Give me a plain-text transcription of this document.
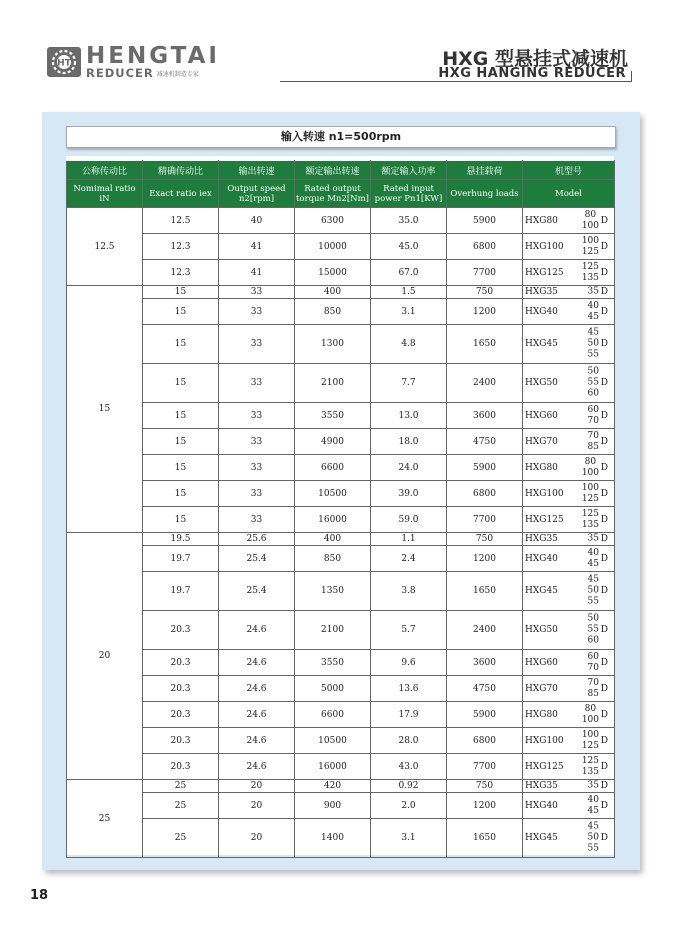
HT HENGTAI
REDUCER 减速机制造专家
HXG 型悬挂式减速机
HXG HANGING REDUCER
输入转速 n1=500rpm
公称传动比	精确传动比	输出转速	额定输出转速	额定输入功率	悬挂载荷	机型号
Nomimal ratio iN	Exact ratio iex	Output speed n2[rpm]	Rated output torque Mn2[Nm]	Rated input power Pn1[KW]	Overhung loads	Model
12.5	12.5	40	6300	35.0	5900	HXG80
80
100 D

	12.3	41	10000	45.0	6800	HXG100
100
125 D

	12.3	41	15000	67.0	7700	HXG125
125
135 D

15	15	33	400	1.5	750	HXG35 35 D

	15	33	850	3.1	1200	HXG40
40
45 D

	15	33	1300	4.8	1650	HXG45
45
50
55
D

	15	33	2100	7.7	2400	HXG50
50
55
60
D

	15	33	3550	13.0	3600	HXG60
60
70 D

	15	33	4900	18.0	4750	HXG70
70
85 D

	15	33	6600	24.0	5900	HXG80
80
100 D

	15	33	10500	39.0	6800	HXG100
100
125 D

	15	33	16000	59.0	7700	HXG125
125
135 D

20	19.5	25.6	400	1.1	750	HXG35 35 D

	19.7	25.4	850	2.4	1200	HXG40
40
45 D

	19.7	25.4	1350	3.8	1650	HXG45
45
50
55
D

	20.3	24.6	2100	5.7	2400	HXG50
50
55
60
D

	20.3	24.6	3550	9.6	3600	HXG60
60
70 D

	20.3	24.6	5000	13.6	4750	HXG70
70
85 D

	20.3	24.6	6600	17.9	5900	HXG80
80
100 D

	20.3	24.6	10500	28.0	6800	HXG100
100
125 D

	20.3	24.6	16000	43.0	7700	HXG125
125
135 D

25	25	20	420	0.92	750	HXG35 35 D

	25	20	900	2.0	1200	HXG40
40
45 D

	25	20	1400	3.1	1650	HXG45
45
50
55
D
18
